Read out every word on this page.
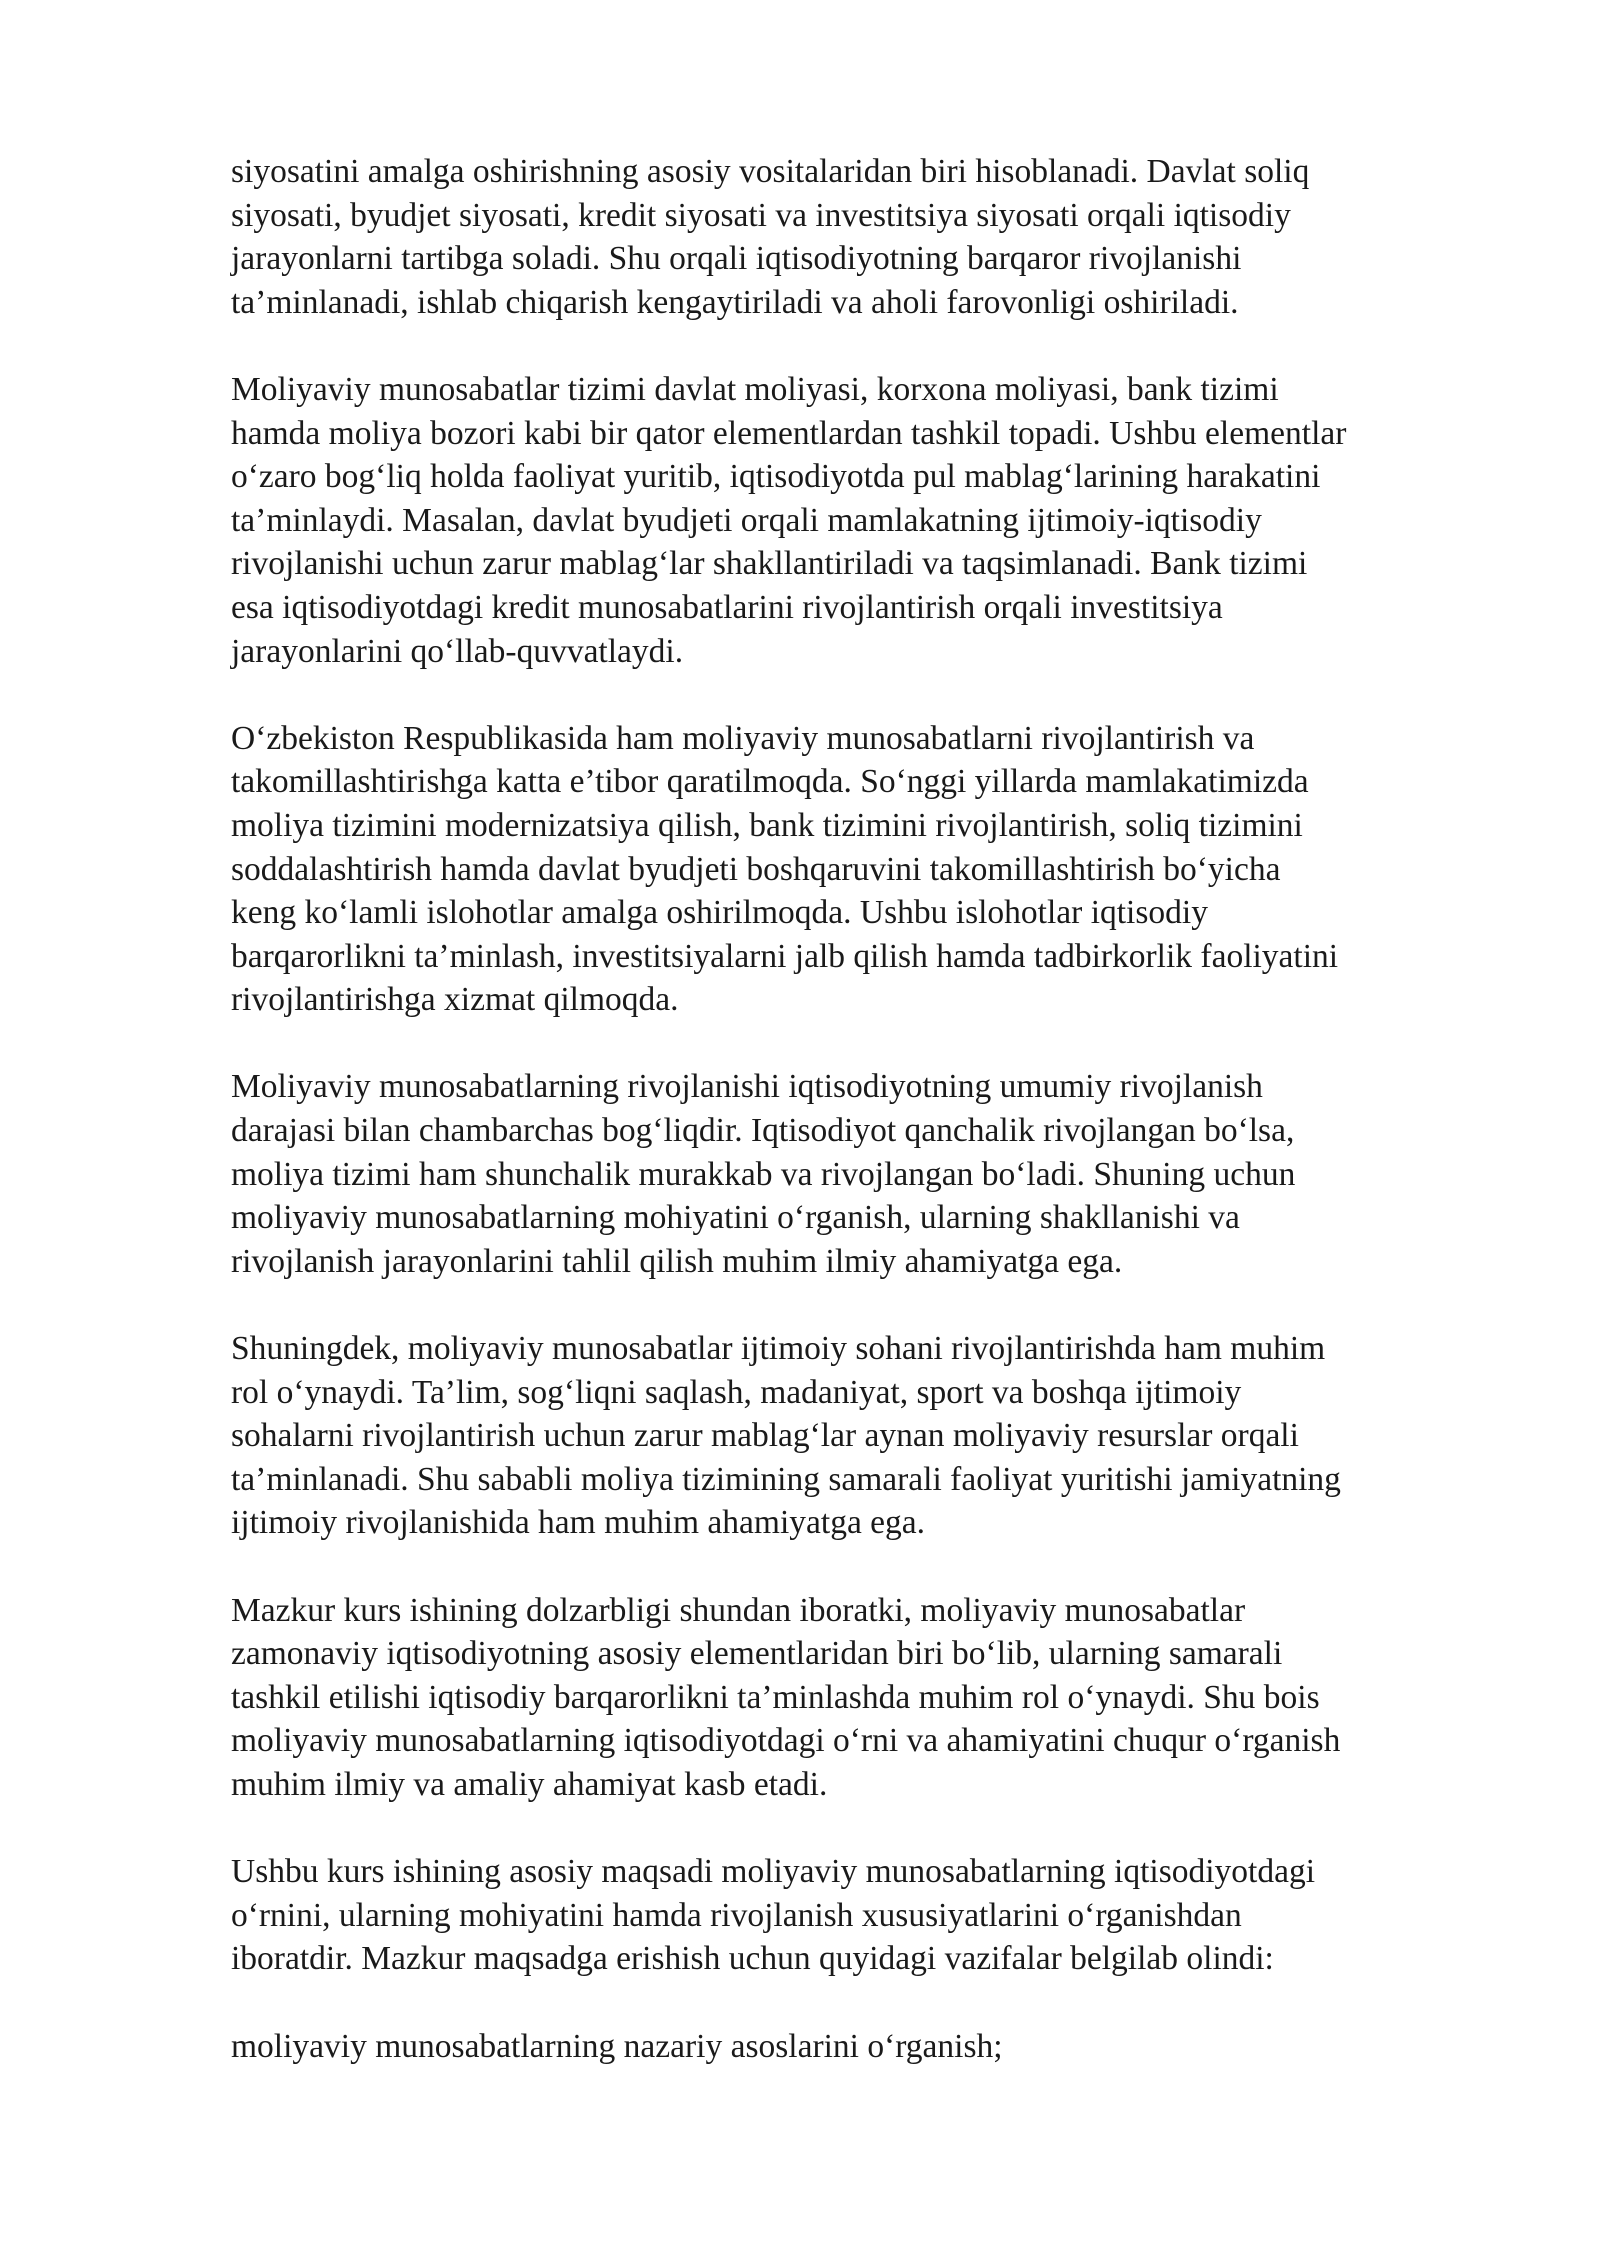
siyosatini amalga oshirishning asosiy vositalaridan biri hisoblanadi. Davlat soliq
siyosati, byudjet siyosati, kredit siyosati va investitsiya siyosati orqali iqtisodiy
jarayonlarni tartibga soladi. Shu orqali iqtisodiyotning barqaror rivojlanishi
ta’minlanadi, ishlab chiqarish kengaytiriladi va aholi farovonligi oshiriladi.

Moliyaviy munosabatlar tizimi davlat moliyasi, korxona moliyasi, bank tizimi
hamda moliya bozori kabi bir qator elementlardan tashkil topadi. Ushbu elementlar
o‘zaro bog‘liq holda faoliyat yuritib, iqtisodiyotda pul mablag‘larining harakatini
ta’minlaydi. Masalan, davlat byudjeti orqali mamlakatning ijtimoiy-iqtisodiy
rivojlanishi uchun zarur mablag‘lar shakllantiriladi va taqsimlanadi. Bank tizimi
esa iqtisodiyotdagi kredit munosabatlarini rivojlantirish orqali investitsiya
jarayonlarini qo‘llab-quvvatlaydi.

O‘zbekiston Respublikasida ham moliyaviy munosabatlarni rivojlantirish va
takomillashtirishga katta e’tibor qaratilmoqda. So‘nggi yillarda mamlakatimizda
moliya tizimini modernizatsiya qilish, bank tizimini rivojlantirish, soliq tizimini
soddalashtirish hamda davlat byudjeti boshqaruvini takomillashtirish bo‘yicha
keng ko‘lamli islohotlar amalga oshirilmoqda. Ushbu islohotlar iqtisodiy
barqarorlikni ta’minlash, investitsiyalarni jalb qilish hamda tadbirkorlik faoliyatini
rivojlantirishga xizmat qilmoqda.

Moliyaviy munosabatlarning rivojlanishi iqtisodiyotning umumiy rivojlanish
darajasi bilan chambarchas bog‘liqdir. Iqtisodiyot qanchalik rivojlangan bo‘lsa,
moliya tizimi ham shunchalik murakkab va rivojlangan bo‘ladi. Shuning uchun
moliyaviy munosabatlarning mohiyatini o‘rganish, ularning shakllanishi va
rivojlanish jarayonlarini tahlil qilish muhim ilmiy ahamiyatga ega.

Shuningdek, moliyaviy munosabatlar ijtimoiy sohani rivojlantirishda ham muhim
rol o‘ynaydi. Ta’lim, sog‘liqni saqlash, madaniyat, sport va boshqa ijtimoiy
sohalarni rivojlantirish uchun zarur mablag‘lar aynan moliyaviy resurslar orqali
ta’minlanadi. Shu sababli moliya tizimining samarali faoliyat yuritishi jamiyatning
ijtimoiy rivojlanishida ham muhim ahamiyatga ega.

Mazkur kurs ishining dolzarbligi shundan iboratki, moliyaviy munosabatlar
zamonaviy iqtisodiyotning asosiy elementlaridan biri bo‘lib, ularning samarali
tashkil etilishi iqtisodiy barqarorlikni ta’minlashda muhim rol o‘ynaydi. Shu bois
moliyaviy munosabatlarning iqtisodiyotdagi o‘rni va ahamiyatini chuqur o‘rganish
muhim ilmiy va amaliy ahamiyat kasb etadi.

Ushbu kurs ishining asosiy maqsadi moliyaviy munosabatlarning iqtisodiyotdagi
o‘rnini, ularning mohiyatini hamda rivojlanish xususiyatlarini o‘rganishdan
iboratdir. Mazkur maqsadga erishish uchun quyidagi vazifalar belgilab olindi:

moliyaviy munosabatlarning nazariy asoslarini o‘rganish;
